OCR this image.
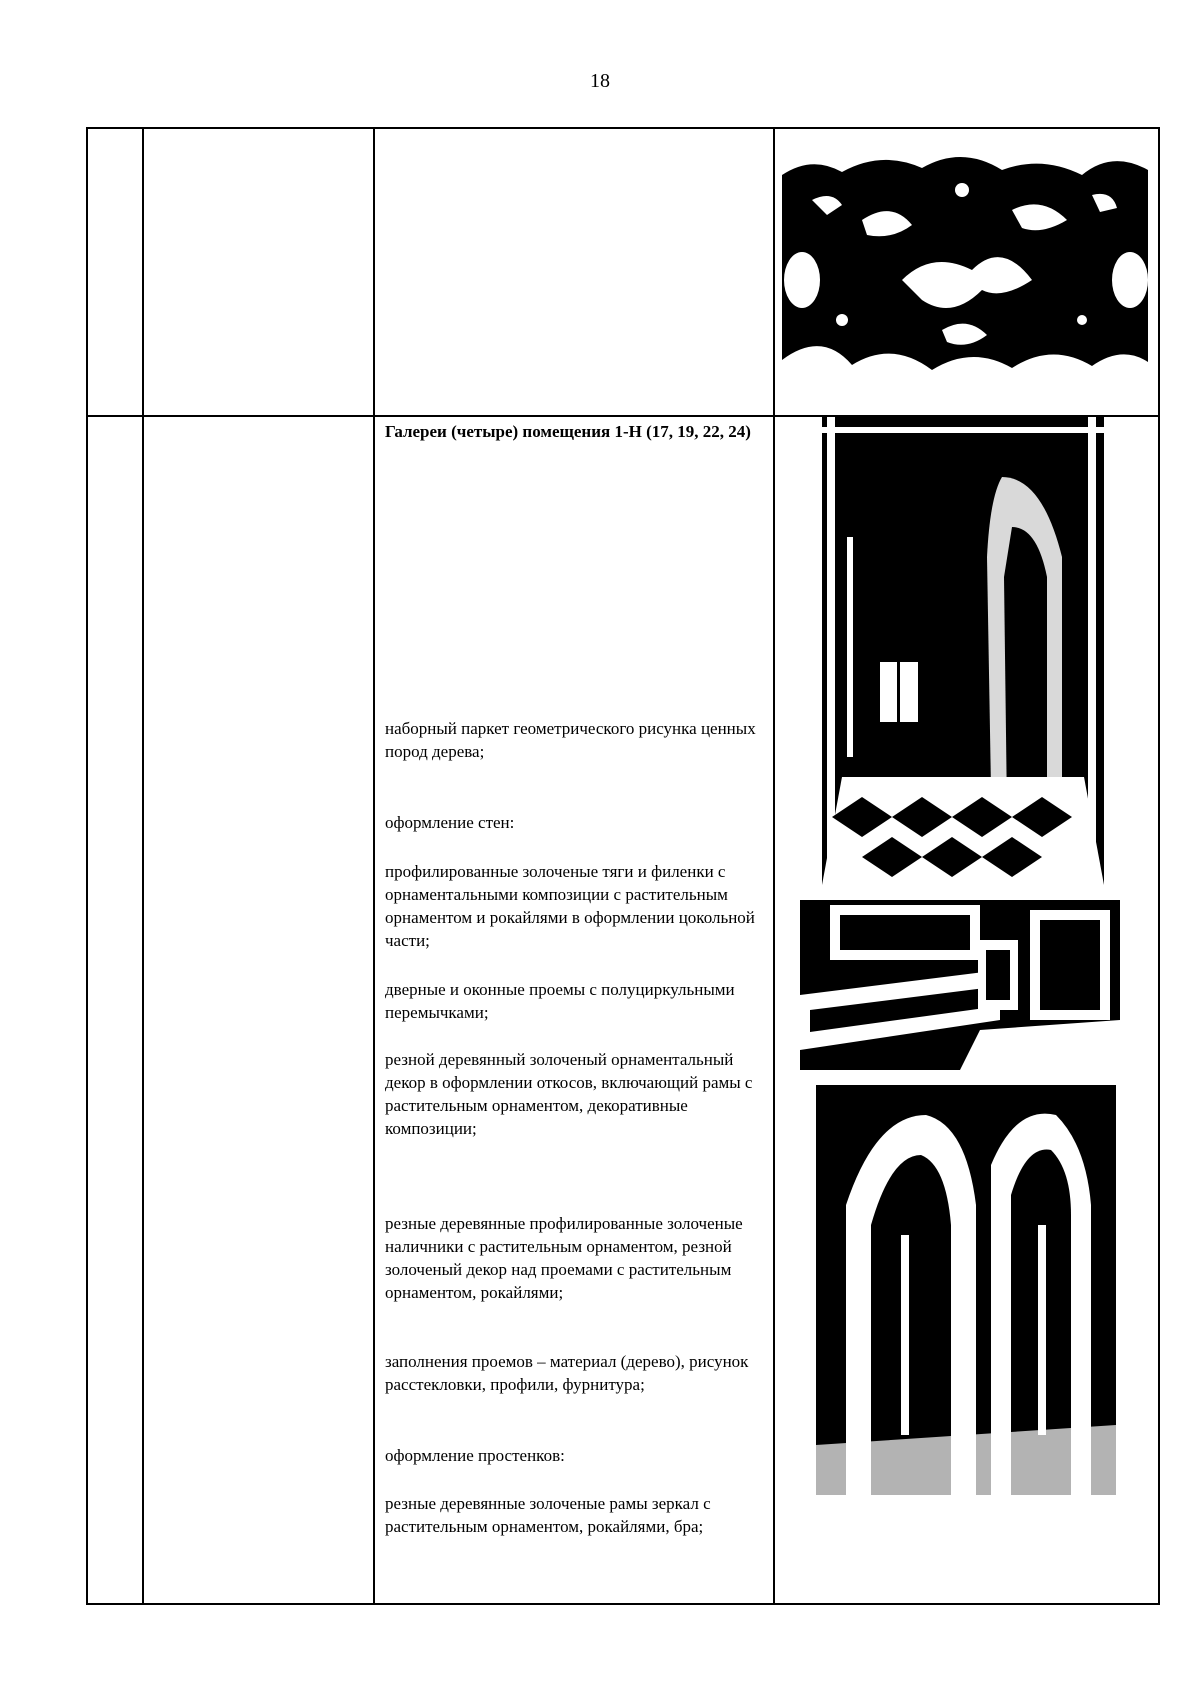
18
Галереи (четыре) помещения 1-Н (17, 19, 22, 24)
наборный паркет геометрического рисунка ценных пород дерева;
оформление стен:
профилированные золоченые тяги и филенки с орнаментальными композиции с растительным орнаментом и рокайлями в оформлении цокольной части;
дверные и оконные проемы с полуциркульными перемычками;
резной деревянный золоченый орнаментальный декор в оформлении откосов, включающий рамы с растительным орнаментом, декоративные композиции;
резные деревянные профилированные золоченые наличники с растительным орнаментом, резной золоченый декор над проемами с растительным орнаментом, рокайлями;
заполнения проемов – материал (дерево), рисунок расстекловки, профили, фурнитура;
оформление простенков:
резные деревянные золоченые рамы зеркал с растительным орнаментом, рокайлями, бра;
